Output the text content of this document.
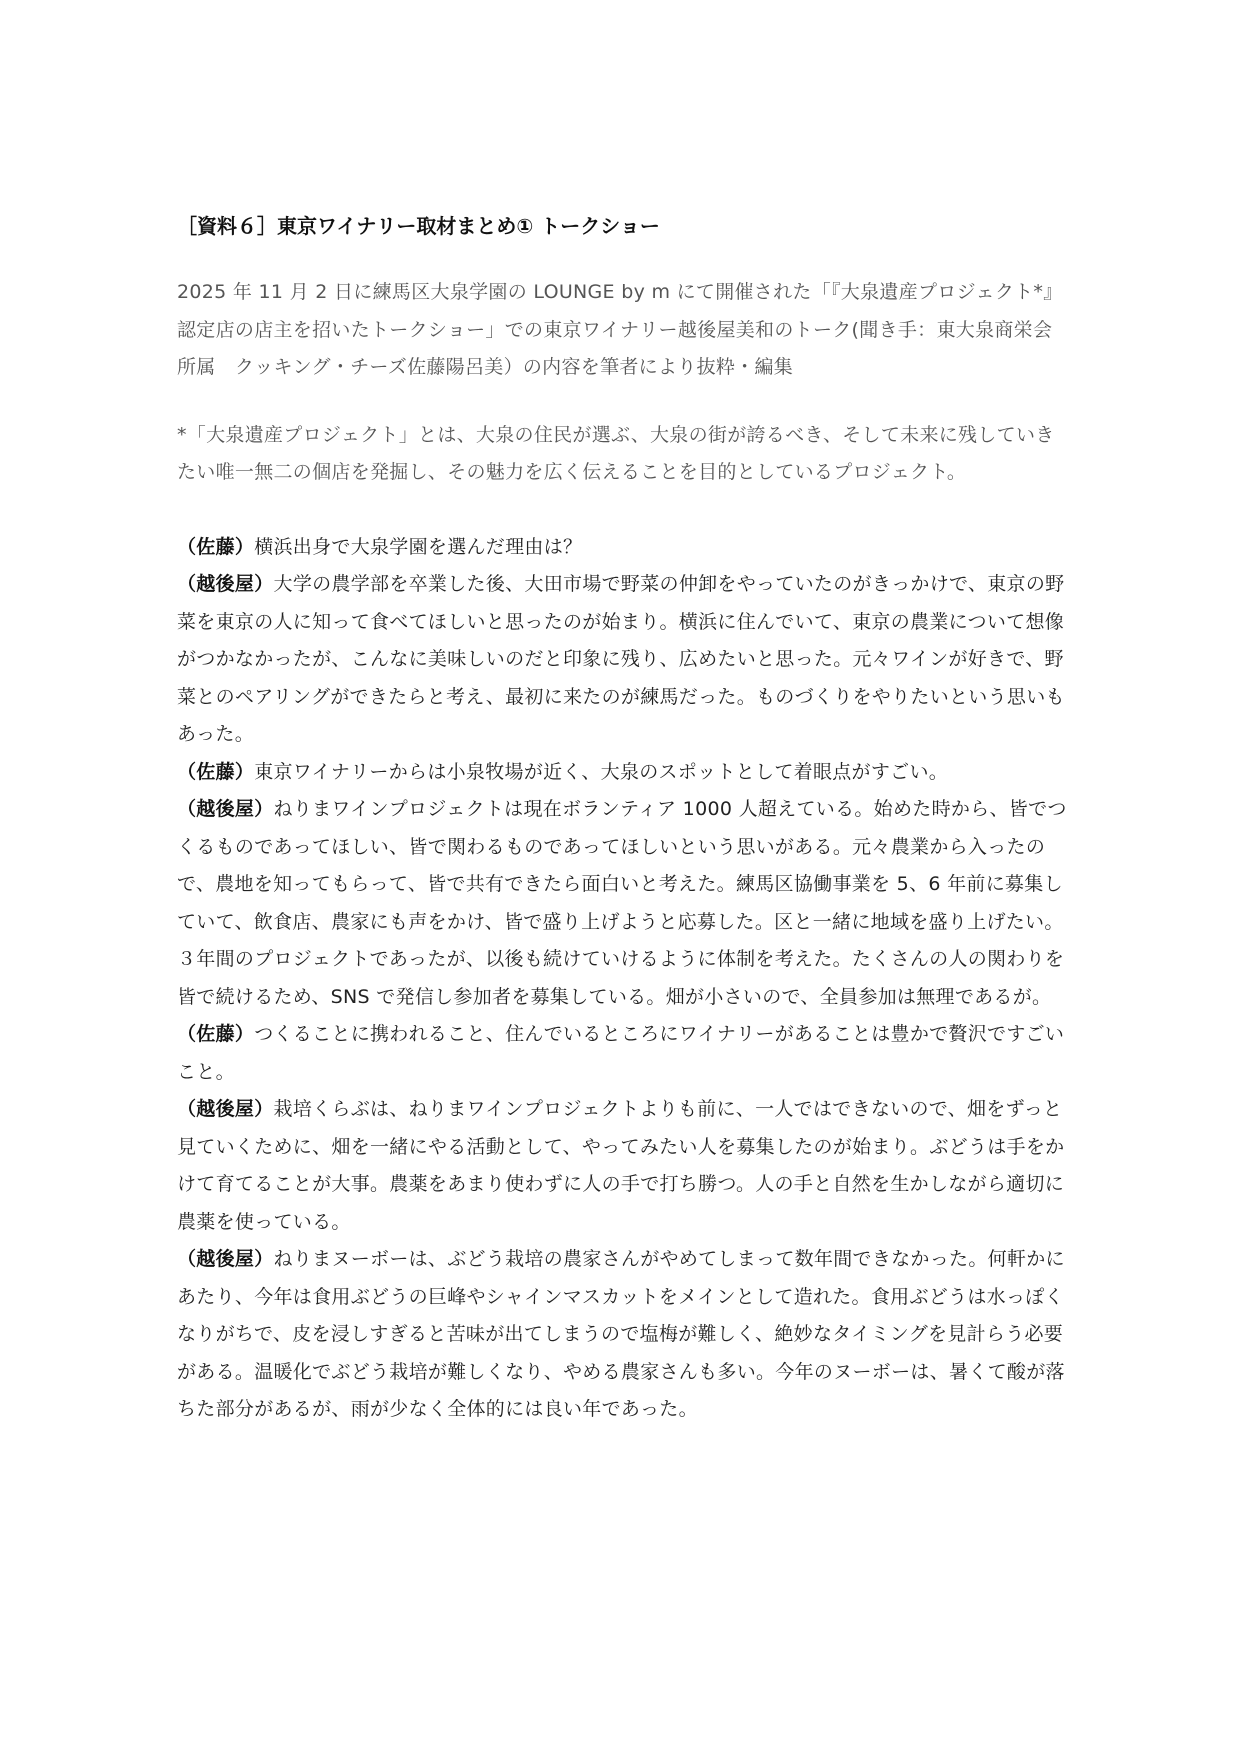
［資料６］東京ワイナリー取材まとめ① トークショー

2025 年 11 月 2 日に練馬区大泉学園の LOUNGE by m にて開催された「『大泉遺産プロジェクト*』認定店の店主を招いたトークショー」での東京ワイナリー越後屋美和のトーク(聞き手：東大泉商栄会所属　クッキング・チーズ佐藤陽呂美）の内容を筆者により抜粋・編集

*「大泉遺産プロジェクト」とは、大泉の住民が選ぶ、大泉の街が誇るべき、そして未来に残していきたい唯一無二の個店を発掘し、その魅力を広く伝えることを目的としているプロジェクト。

（佐藤）横浜出身で大泉学園を選んだ理由は？

（越後屋）大学の農学部を卒業した後、大田市場で野菜の仲卸をやっていたのがきっかけで、東京の野菜を東京の人に知って食べてほしいと思ったのが始まり。横浜に住んでいて、東京の農業について想像がつかなかったが、こんなに美味しいのだと印象に残り、広めたいと思った。元々ワインが好きで、野菜とのペアリングができたらと考え、最初に来たのが練馬だった。ものづくりをやりたいという思いもあった。

（佐藤）東京ワイナリーからは小泉牧場が近く、大泉のスポットとして着眼点がすごい。

（越後屋）ねりまワインプロジェクトは現在ボランティア 1000 人超えている。始めた時から、皆でつくるものであってほしい、皆で関わるものであってほしいという思いがある。元々農業から入ったので、農地を知ってもらって、皆で共有できたら面白いと考えた。練馬区協働事業を 5、6 年前に募集していて、飲食店、農家にも声をかけ、皆で盛り上げようと応募した。区と一緒に地域を盛り上げたい。３年間のプロジェクトであったが、以後も続けていけるように体制を考えた。たくさんの人の関わりを皆で続けるため、SNS で発信し参加者を募集している。畑が小さいので、全員参加は無理であるが。

（佐藤）つくることに携われること、住んでいるところにワイナリーがあることは豊かで贅沢ですごいこと。

（越後屋）栽培くらぶは、ねりまワインプロジェクトよりも前に、一人ではできないので、畑をずっと見ていくために、畑を一緒にやる活動として、やってみたい人を募集したのが始まり。ぶどうは手をかけて育てることが大事。農薬をあまり使わずに人の手で打ち勝つ。人の手と自然を生かしながら適切に農薬を使っている。

（越後屋）ねりまヌーボーは、ぶどう栽培の農家さんがやめてしまって数年間できなかった。何軒かにあたり、今年は食用ぶどうの巨峰やシャインマスカットをメインとして造れた。食用ぶどうは水っぽくなりがちで、皮を浸しすぎると苦味が出てしまうので塩梅が難しく、絶妙なタイミングを見計らう必要がある。温暖化でぶどう栽培が難しくなり、やめる農家さんも多い。今年のヌーボーは、暑くて酸が落ちた部分があるが、雨が少なく全体的には良い年であった。
